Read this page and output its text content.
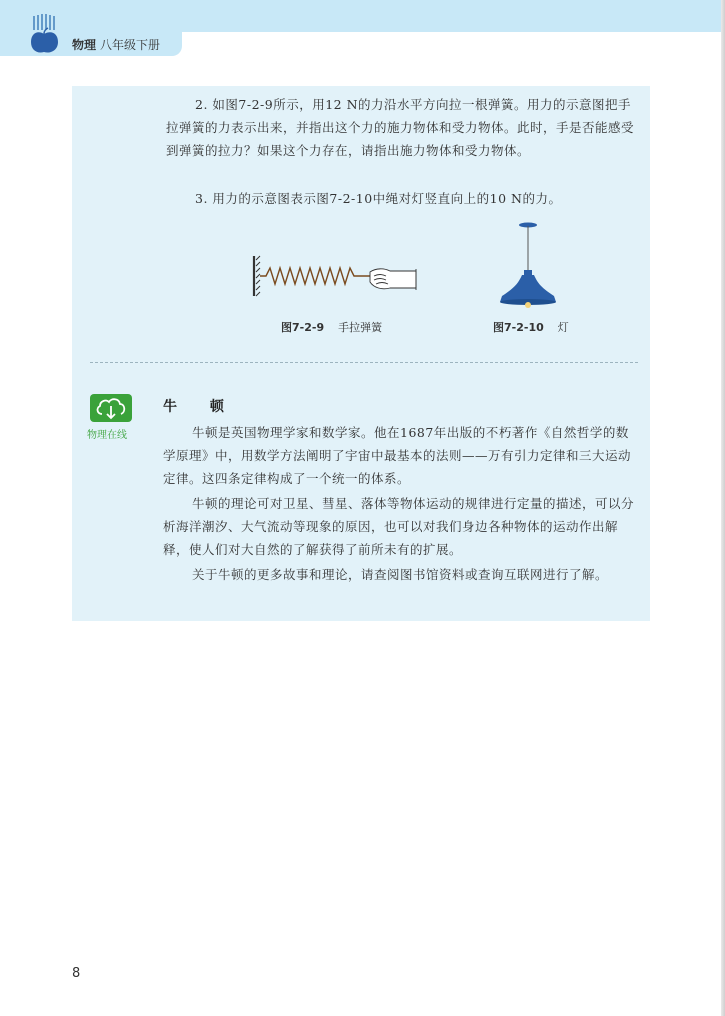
物理 八年级下册

2. 如图7-2-9所示，用12 N的力沿水平方向拉一根弹簧。用力的示意图把手拉弹簧的力表示出来，并指出这个力的施力物体和受力物体。此时，手是否能感受到弹簧的拉力？如果这个力存在，请指出施力物体和受力物体。

3. 用力的示意图表示图7-2-10中绳对灯竖直向上的10 N的力。

图7-2-9 手拉弹簧	图7-2-10 灯
物理在线
牛 顿

牛顿是英国物理学家和数学家。他在1687年出版的不朽著作《自然哲学的数学原理》中，用数学方法阐明了宇宙中最基本的法则——万有引力定律和三大运动定律。这四条定律构成了一个统一的体系。

牛顿的理论可对卫星、彗星、落体等物体运动的规律进行定量的描述，可以分析海洋潮汐、大气流动等现象的原因，也可以对我们身边各种物体的运动作出解释，使人们对大自然的了解获得了前所未有的扩展。

关于牛顿的更多故事和理论，请查阅图书馆资料或查询互联网进行了解。

8
